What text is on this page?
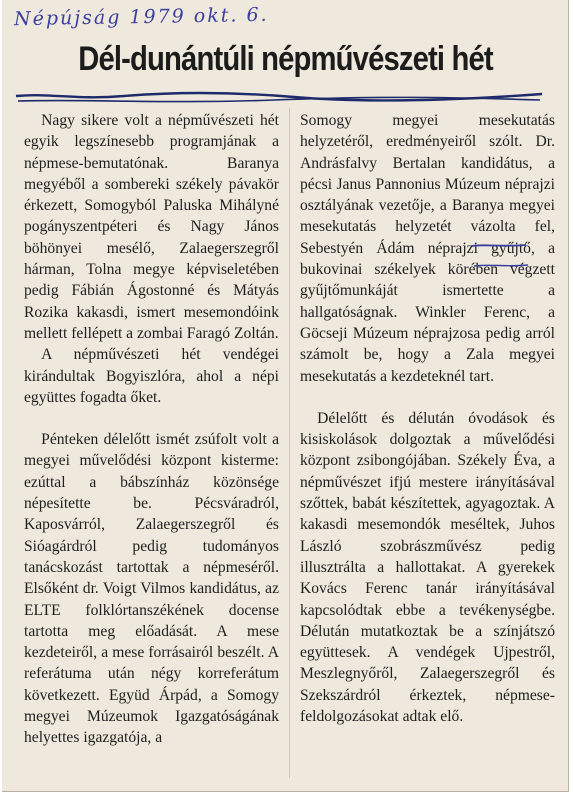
Népújság 1979 okt. 6.
Dél-dunántúli népművészeti hét

Nagy sikere volt a népművészeti hét egyik legszínesebb programjának a népmese-bemutatónak. Baranya megyéből a sombereki székely pávakör érkezett, Somogyból Paluska Mihályné pogányszentpéteri és Nagy János böhönyei mesélő, Zalaegerszegről hárman, Tolna megye képviseletében pedig Fábián Ágostonné és Mátyás Rozika kakasdi, ismert mesemondóink mellett fellépett a zombai Faragó Zoltán.

A népművészeti hét vendégei kirándultak Bogyiszlóra, ahol a népi együttes fogadta őket.

Pénteken délelőtt ismét zsúfolt volt a megyei művelődési központ kisterme: ezúttal a bábszínház közönsége népesítette be. Pécsváradról, Kaposvárról, Zalaegerszegről és Sióagárdról pedig tudományos tanácskozást tartottak a népmeséről. Elsőként dr. Voigt Vilmos kandidátus, az ELTE folklórtanszékének docense tartotta meg előadását. A mese kezdeteiről, a mese forrásairól beszélt. A referátuma után négy korreferátum következett. Együd Árpád, a Somogy megyei Múzeumok Igazgatóságának helyettes igazgatója, a

Somogy megyei mesekutatás helyzetéről, eredményeiről szólt. Dr. Andrásfalvy Bertalan kandidátus, a pécsi Janus Pannonius Múzeum néprajzi osztályának vezetője, a Baranya megyei mesekutatás helyzetét vázolta fel, Sebestyén Ádám néprajzi gyűjtő, a bukovinai székelyek körében végzett gyűjtőmunkáját ismertette a hallgatóságnak. Winkler Ferenc, a Göcseji Múzeum néprajzosa pedig arról számolt be, hogy a Zala megyei mesekutatás a kezdeteknél tart.

Délelőtt és délután óvodások és kisiskolások dolgoztak a művelődési központ zsibongójában. Székely Éva, a népművészet ifjú mestere irányításával szőttek, babát készítettek, agyagoztak. A kakasdi mesemondók meséltek, Juhos László szobrászművész pedig illusztrálta a hallottakat. A gyerekek Kovács Ferenc tanár irányításával kapcsolódtak ebbe a tevékenységbe. Délután mutatkoztak be a színjátszó együttesek. A vendégek Ujpestről, Meszlegnyőről, Zalaegerszegről és Szekszárdról érkeztek, népmese-feldolgozásokat adtak elő.
